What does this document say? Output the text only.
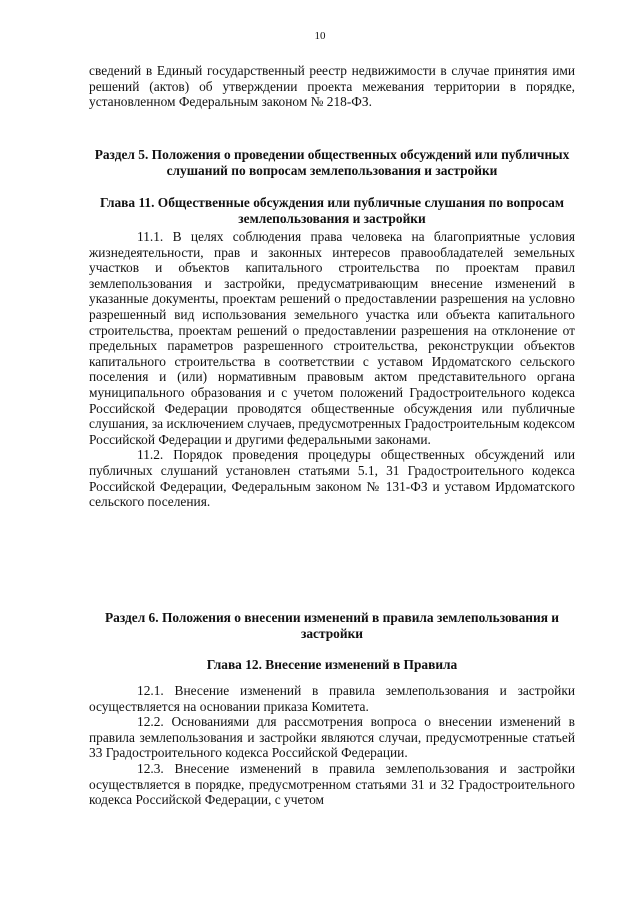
10

сведений в Единый государственный реестр недвижимости в случае принятия ими решений (актов) об утверждении проекта межевания территории в порядке, установленном Федеральным законом № 218-ФЗ.

Раздел 5. Положения о проведении общественных обсуждений или публичных слушаний по вопросам землепользования и застройки
Глава 11. Общественные обсуждения или публичные слушания по вопросам землепользования и застройки

11.1. В целях соблюдения права человека на благоприятные условия жизнедеятельности, прав и законных интересов правообладателей земельных участков и объектов капитального строительства по проектам правил землепользования и застройки, предусматривающим внесение изменений в указанные документы, проектам решений о предоставлении разрешения на условно разрешенный вид использования земельного участка или объекта капитального строительства, проектам решений о предоставлении разрешения на отклонение от предельных параметров разрешенного строительства, реконструкции объектов капитального строительства в соответствии с уставом Ирдоматского сельского поселения и (или) нормативным правовым актом представительного органа муниципального образования и с учетом положений Градостроительного кодекса Российской Федерации проводятся общественные обсуждения или публичные слушания, за исключением случаев, предусмотренных Градостроительным кодексом Российской Федерации и другими федеральными законами.

11.2. Порядок проведения процедуры общественных обсуждений или публичных слушаний установлен статьями 5.1, 31 Градостроительного кодекса Российской Федерации, Федеральным законом № 131-ФЗ и уставом Ирдоматского сельского поселения.

Раздел 6. Положения о внесении изменений в правила землепользования и застройки
Глава 12. Внесение изменений в Правила

12.1. Внесение изменений в правила землепользования и застройки осуществляется на основании приказа Комитета.

12.2. Основаниями для рассмотрения вопроса о внесении изменений в правила землепользования и застройки являются случаи, предусмотренные статьей 33 Градостроительного кодекса Российской Федерации.

12.3. Внесение изменений в правила землепользования и застройки осуществляется в порядке, предусмотренном статьями 31 и 32 Градостроительного кодекса Российской Федерации, с учетом
